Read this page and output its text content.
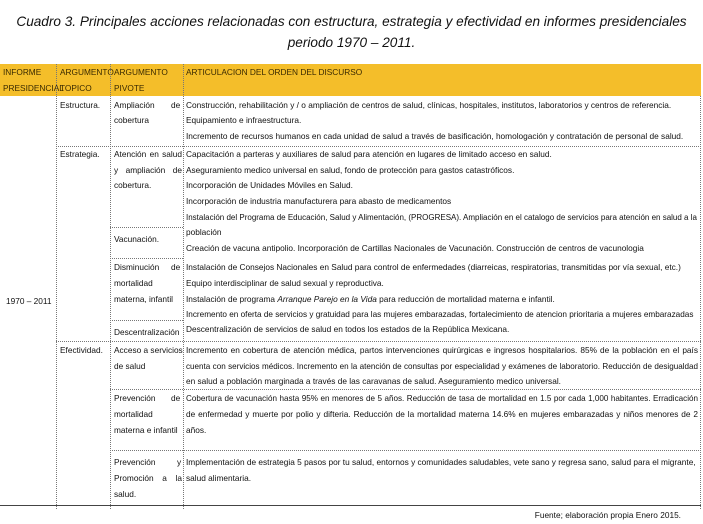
Cuadro 3. Principales acciones relacionadas con estructura, estrategia y efectividad en informes presidenciales
periodo 1970 – 2011.
INFORME
PRESIDENCIAL
ARGUMENTO
TOPICO
ARGUMENTO
PIVOTE
ARTICULACION DEL ORDEN DEL DISCURSO
1970 – 2011
Estructura.
Estrategia.
Efectividad.
Ampliación de
cobertura
Atención en salud
y ampliación de
cobertura.
Vacunación.
Disminución de
mortalidad
materna, infantil
Descentralización
Acceso a servicios
de salud
Prevención de
mortalidad
materna e infantil
Prevención	y
Promoción a la
salud.
Construcción, rehabilitación y / o ampliación de centros de salud, clínicas, hospitales, institutos, laboratorios y centros de referencia.
Equipamiento e infraestructura.
Incremento de recursos humanos en cada unidad de salud a través de basificación, homologación y contratación de personal de salud.
Capacitación a parteras y auxiliares de salud para atención en lugares de limitado acceso en salud.
Aseguramiento medico universal en salud, fondo de protección para gastos catastróficos.
Incorporación de Unidades Móviles en Salud.
Incorporación de industria manufacturera para abasto de medicamentos
Instalación del Programa de Educación, Salud y Alimentación, (PROGRESA). Ampliación en el catalogo de servicios para atención en salud a la
población
Creación de vacuna antipolio. Incorporación de Cartillas Nacionales de Vacunación. Construcción de centros de vacunologia
Instalación de Consejos Nacionales en Salud para control de enfermedades (diarreicas, respiratorias, transmitidas por vía sexual, etc.)
Equipo interdisciplinar de salud sexual y reproductiva.
Instalación de programa Arranque Parejo en la Vida para reducción de mortalidad materna e infantil.
Incremento en oferta de servicios y gratuidad para las mujeres embarazadas, fortalecimiento de atencion prioritaria a mujeres embarazadas
Descentralización de servicios de salud en todos los estados de la República Mexicana.
Incremento en cobertura de atención médica, partos intervenciones quirúrgicas e ingresos hospitalarios. 85% de la población en el país
cuenta con servicios médicos. Incremento en la atención de consultas por especialidad y exámenes de laboratorio. Reducción de desigualdad
en salud a población marginada a través de las caravanas de salud. Aseguramiento medico universal.
Cobertura de vacunación hasta 95% en menores de 5 años. Reducción de tasa de mortalidad en 1.5 por cada 1,000 habitantes. Erradicación
de enfermedad y muerte por polio y difteria. Reducción de la mortalidad materna 14.6% en mujeres embarazadas y niños menores de 2
años.
Implementación de estrategia 5 pasos por tu salud, entornos y comunidades saludables, vete sano y regresa sano, salud para el migrante,
salud alimentaria.
Fuente; elaboración propia Enero 2015.
